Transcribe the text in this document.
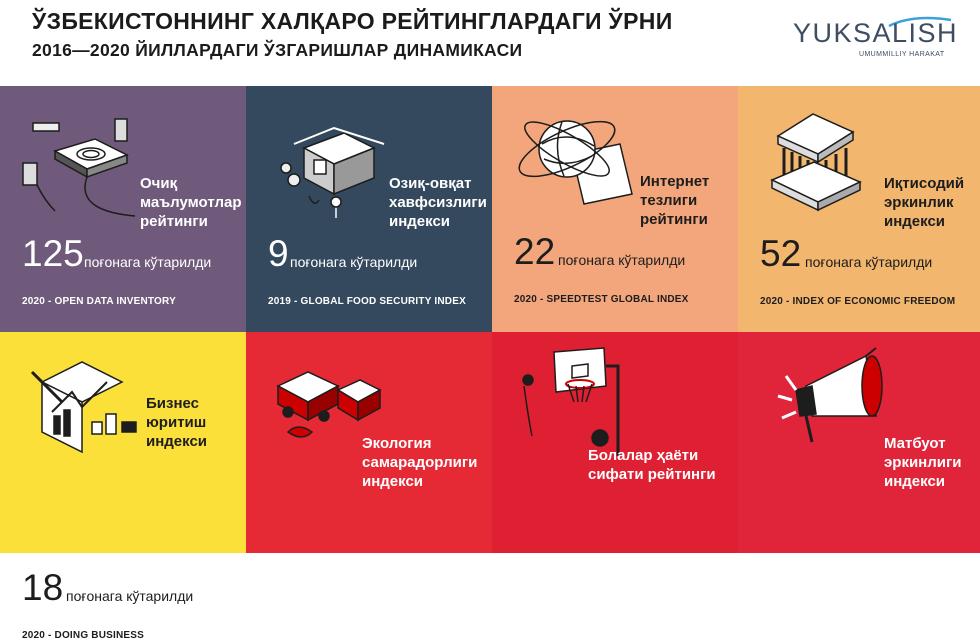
ЎЗБЕКИСТОННИНГ ХАЛҚАРО РЕЙТИНГЛАРДАГИ ЎРНИ
2016—2020 ЙИЛЛАРДАГИ ЎЗГАРИШЛАР ДИНАМИКАСИ
YUKSALISH
UMUMMILLIY HARAKAT
Очиқ
маълумотлар
рейтинги
125 поғонага кўтарилди
2020 - OPEN DATA INVENTORY
Озиқ-овқат
хавфсизлиги
индекси
9 поғонага кўтарилди
2019 - GLOBAL FOOD SECURITY INDEX
Интернет
тезлиги
рейтинги
22 поғонага кўтарилди
2020 - SPEEDTEST GLOBAL INDEX
Иқтисодий
эркинлик
индекси
52 поғонага кўтарилди
2020 - INDEX OF ECONOMIC FREEDOM
Бизнес
юритиш
индекси
18 поғонага кўтарилди
2020 - DOING BUSINESS
Экология
самарадорлиги
индекси
20 поғонага кўтарилди
2020 - ENVIRONMENTAL PERFORMANCE
Болалар ҳаёти
сифати рейтинги
6 поғонага кўтарилди
2020 - GLOBAL CHILDHOOD REPORT
Матбуот
эркинлиги
индекси
10 поғонага кўтарилди
2020 - WORLDWIDE PRESS FREEDOM
